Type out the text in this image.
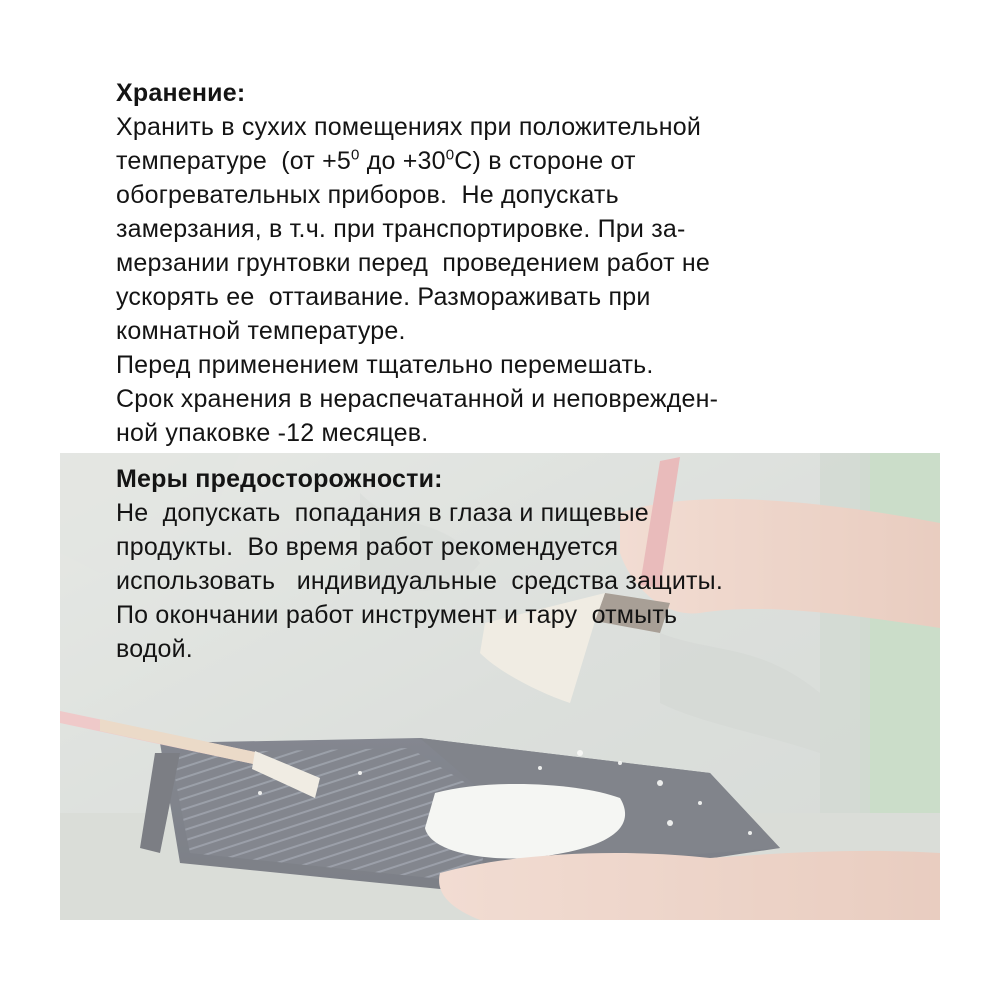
Хранение:
Хранить в сухих помещениях при положительной
температуре  ($от +5^0$ до $+30^0С$) в стороне от
обогревательных приборов.  Не допускать
замерзания, в т.ч. при транспортировке. При за-
мерзании грунтовки перед  проведением работ не
ускорять ее  оттаивание. Размораживать при
комнатной температуре.
Перед применением тщательно перемешать.
Срок хранения в нераспечатанной и неповрежден-
ной упаковке -12 месяцев.
Меры предосторожности:
Не  допускать  попадания в глаза и пищевые
продукты.  Во время работ рекомендуется
использовать   индивидуальные  средства защиты.
По окончании работ инструмент и тару  отмыть
водой.
